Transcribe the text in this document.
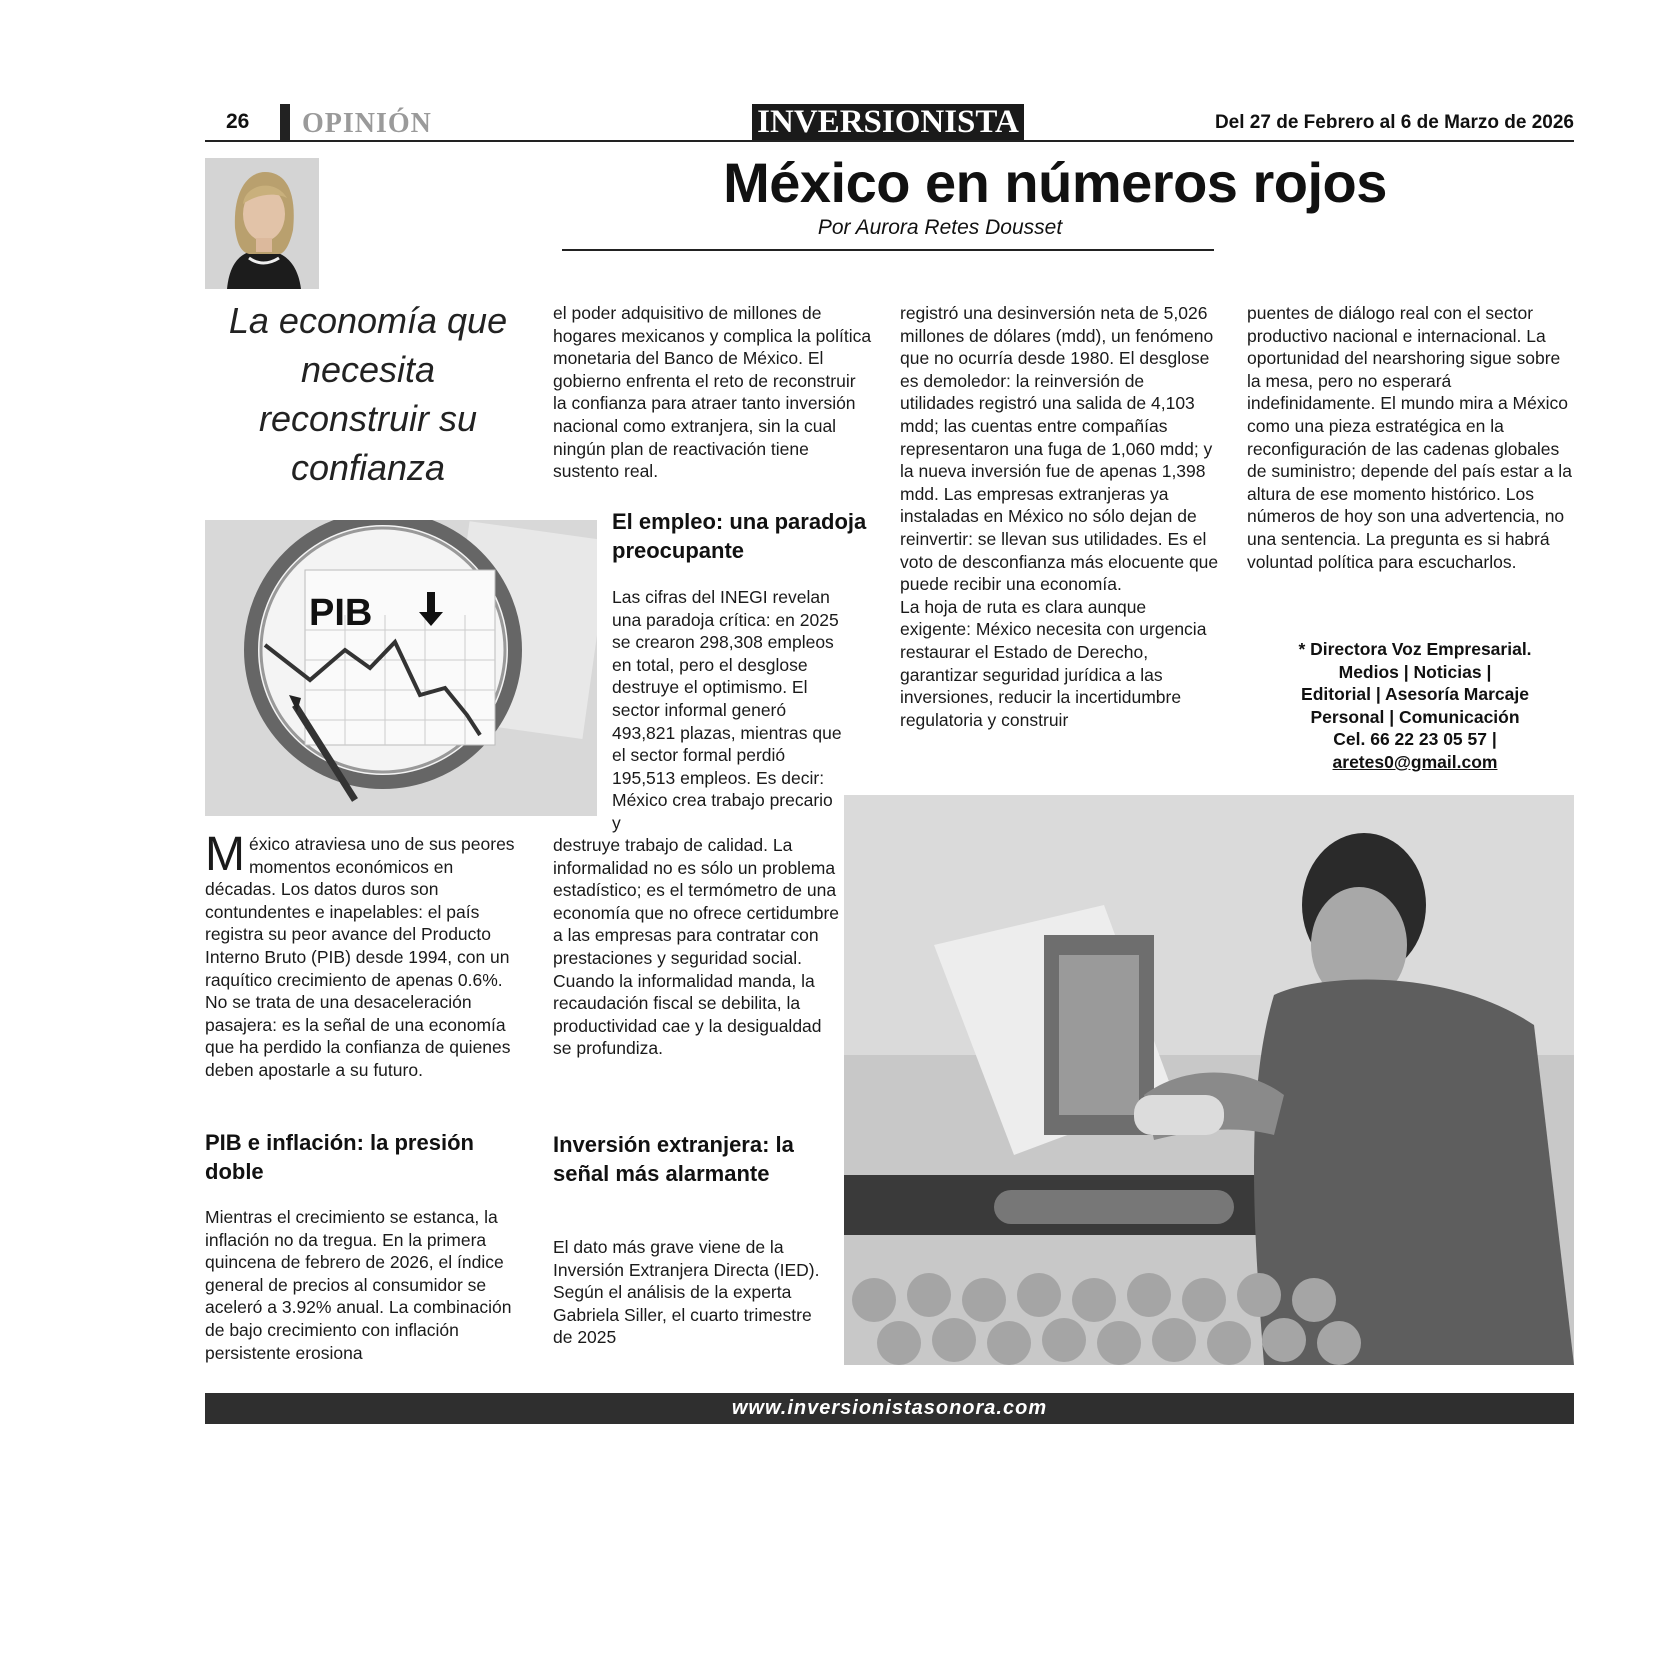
26 OPINIÓN	INVERSIONISTA	Del 27 de Febrero al 6 de Marzo de 2026
México en números rojos
Por Aurora Retes Dousset
La economía que necesita reconstruir su confianza
PIB

México atraviesa uno de sus peores momentos económicos en décadas. Los datos duros son contundentes e inapelables: el país registra su peor avance del Producto Interno Bruto (PIB) desde 1994, con un raquítico crecimiento de apenas 0.6%. No se trata de una desaceleración pasajera: es la señal de una economía que ha perdido la confianza de quienes deben apostarle a su futuro.

PIB e inflación: la presión doble

Mientras el crecimiento se estanca, la inflación no da tregua. En la primera quincena de febrero de 2026, el índice general de precios al consumidor se aceleró a 3.92% anual. La combinación de bajo crecimiento con inflación persistente erosiona

el poder adquisitivo de millones de hogares mexicanos y complica la política monetaria del Banco de México. El gobierno enfrenta el reto de reconstruir la confianza para atraer tanto inversión nacional como extranjera, sin la cual ningún plan de reactivación tiene sustento real.

El empleo: una paradoja preocupante

Las cifras del INEGI revelan una paradoja crítica: en 2025 se crearon 298,308 empleos en total, pero el desglose destruye el optimismo. El sector informal generó 493,821 plazas, mientras que el sector formal perdió 195,513 empleos. Es decir: México crea trabajo precario y

destruye trabajo de calidad. La informalidad no es sólo un problema estadístico; es el termómetro de una economía que no ofrece certidumbre a las empresas para contratar con prestaciones y seguridad social. Cuando la informalidad manda, la recaudación fiscal se debilita, la productividad cae y la desigualdad se profundiza.

Inversión extranjera: la señal más alarmante

El dato más grave viene de la Inversión Extranjera Directa (IED). Según el análisis de la experta Gabriela Siller, el cuarto trimestre de 2025

registró una desinversión neta de 5,026 millones de dólares (mdd), un fenómeno que no ocurría desde 1980. El desglose es demoledor: la reinversión de utilidades registró una salida de 4,103 mdd; las cuentas entre compañías representaron una fuga de 1,060 mdd; y la nueva inversión fue de apenas 1,398 mdd. Las empresas extranjeras ya instaladas en México no sólo dejan de reinvertir: se llevan sus utilidades. Es el voto de desconfianza más elocuente que puede recibir una economía.

La hoja de ruta es clara aunque exigente: México necesita con urgencia restaurar el Estado de Derecho, garantizar seguridad jurídica a las inversiones, reducir la incertidumbre regulatoria y construir

puentes de diálogo real con el sector productivo nacional e internacional. La oportunidad del nearshoring sigue sobre la mesa, pero no esperará indefinidamente. El mundo mira a México como una pieza estratégica en la reconfiguración de las cadenas globales de suministro; depende del país estar a la altura de ese momento histórico. Los números de hoy son una advertencia, no una sentencia. La pregunta es si habrá voluntad política para escucharlos.

* Directora Voz Empresarial.
Medios | Noticias |
Editorial | Asesoría Marcaje
Personal | Comunicación
Cel. 66 22 23 05 57 |
aretes0@gmail.com
www.inversionistasonora.com
